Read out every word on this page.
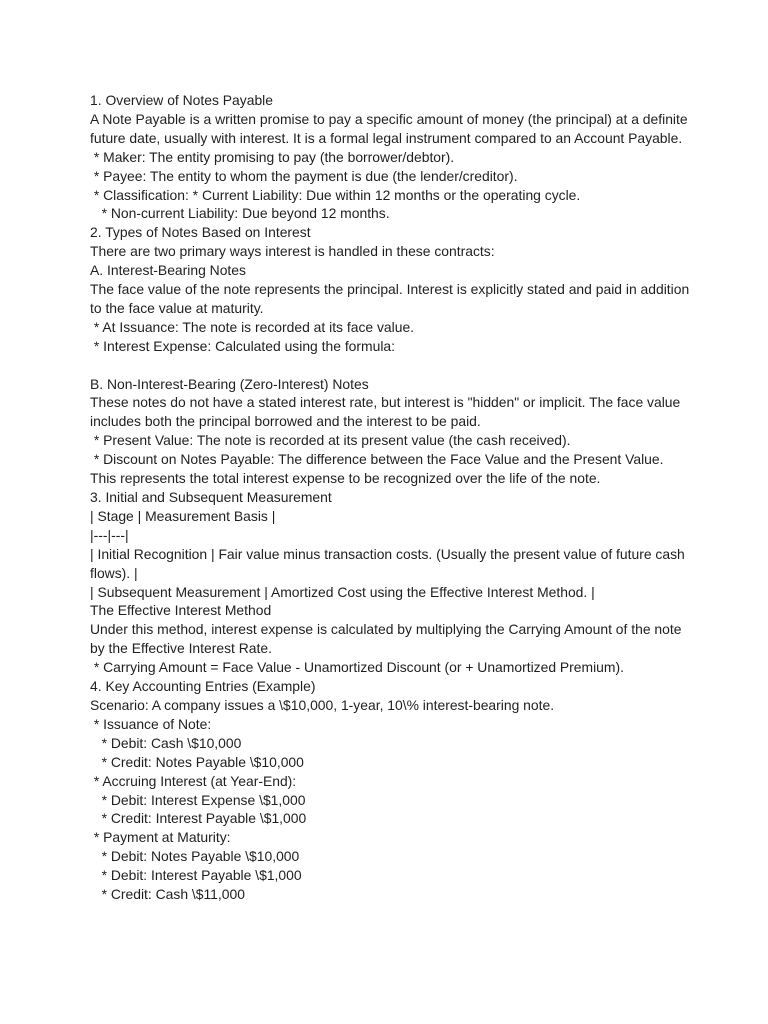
1. Overview of Notes Payable

A Note Payable is a written promise to pay a specific amount of money (the principal) at a definite future date, usually with interest. It is a formal legal instrument compared to an Account Payable.

* Maker: The entity promising to pay (the borrower/debtor).

* Payee: The entity to whom the payment is due (the lender/creditor).

* Classification: * Current Liability: Due within 12 months or the operating cycle.

* Non-current Liability: Due beyond 12 months.

2. Types of Notes Based on Interest

There are two primary ways interest is handled in these contracts:

A. Interest-Bearing Notes

The face value of the note represents the principal. Interest is explicitly stated and paid in addition to the face value at maturity.

* At Issuance: The note is recorded at its face value.

* Interest Expense: Calculated using the formula:

B. Non-Interest-Bearing (Zero-Interest) Notes

These notes do not have a stated interest rate, but interest is "hidden" or implicit. The face value includes both the principal borrowed and the interest to be paid.

* Present Value: The note is recorded at its present value (the cash received).

* Discount on Notes Payable: The difference between the Face Value and the Present Value. This represents the total interest expense to be recognized over the life of the note.

3. Initial and Subsequent Measurement

| Stage | Measurement Basis |

|---|---|

| Initial Recognition | Fair value minus transaction costs. (Usually the present value of future cash flows). |

| Subsequent Measurement | Amortized Cost using the Effective Interest Method. |

The Effective Interest Method

Under this method, interest expense is calculated by multiplying the Carrying Amount of the note by the Effective Interest Rate.

* Carrying Amount = Face Value - Unamortized Discount (or + Unamortized Premium).

4. Key Accounting Entries (Example)

Scenario: A company issues a \$10,000, 1-year, 10\% interest-bearing note.

* Issuance of Note:

* Debit: Cash \$10,000

* Credit: Notes Payable \$10,000

* Accruing Interest (at Year-End):

* Debit: Interest Expense \$1,000

* Credit: Interest Payable \$1,000

* Payment at Maturity:

* Debit: Notes Payable \$10,000

* Debit: Interest Payable \$1,000

* Credit: Cash \$11,000
